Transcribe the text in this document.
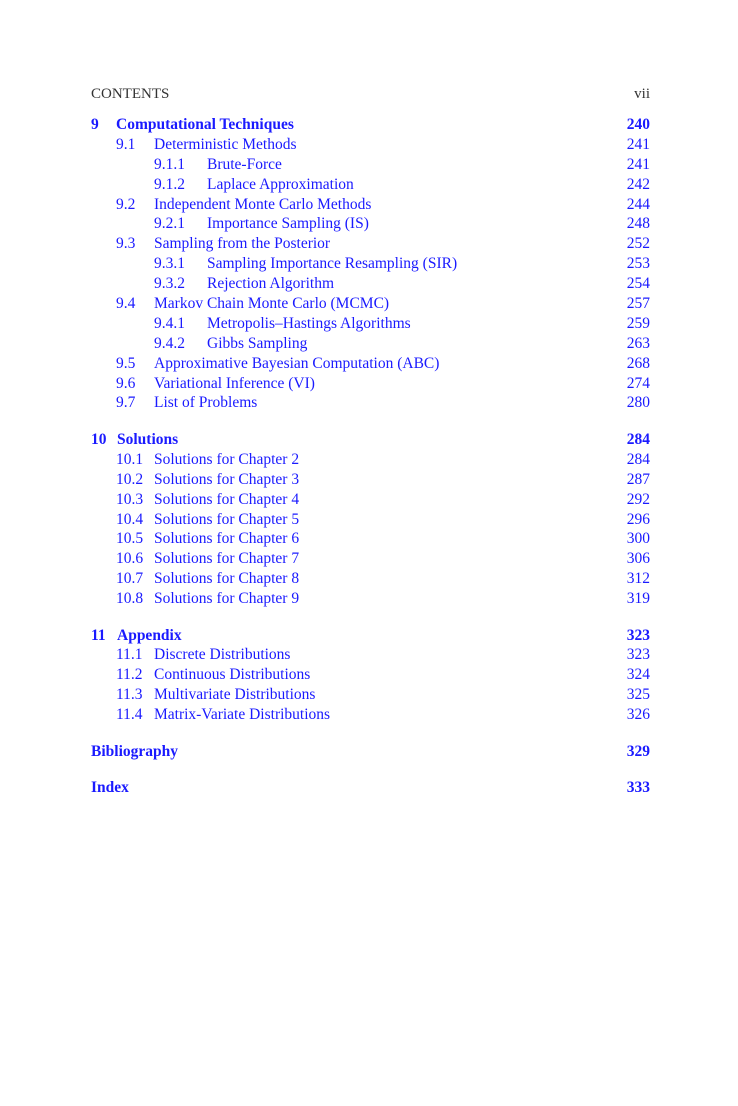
CONTENTS	vii
9 Computational Techniques	240
9.1 Deterministic Methods	241
9.1.1 Brute-Force	241
9.1.2 Laplace Approximation	242
9.2 Independent Monte Carlo Methods	244
9.2.1 Importance Sampling (IS)	248
9.3 Sampling from the Posterior	252
9.3.1 Sampling Importance Resampling (SIR)	253
9.3.2 Rejection Algorithm	254
9.4 Markov Chain Monte Carlo (MCMC)	257
9.4.1 Metropolis–Hastings Algorithms	259
9.4.2 Gibbs Sampling	263
9.5 Approximative Bayesian Computation (ABC)	268
9.6 Variational Inference (VI)	274
9.7 List of Problems	280
10 Solutions	284
10.1 Solutions for Chapter 2	284
10.2 Solutions for Chapter 3	287
10.3 Solutions for Chapter 4	292
10.4 Solutions for Chapter 5	296
10.5 Solutions for Chapter 6	300
10.6 Solutions for Chapter 7	306
10.7 Solutions for Chapter 8	312
10.8 Solutions for Chapter 9	319
11 Appendix	323
11.1 Discrete Distributions	323
11.2 Continuous Distributions	324
11.3 Multivariate Distributions	325
11.4 Matrix-Variate Distributions	326
Bibliography	329
Index	333
